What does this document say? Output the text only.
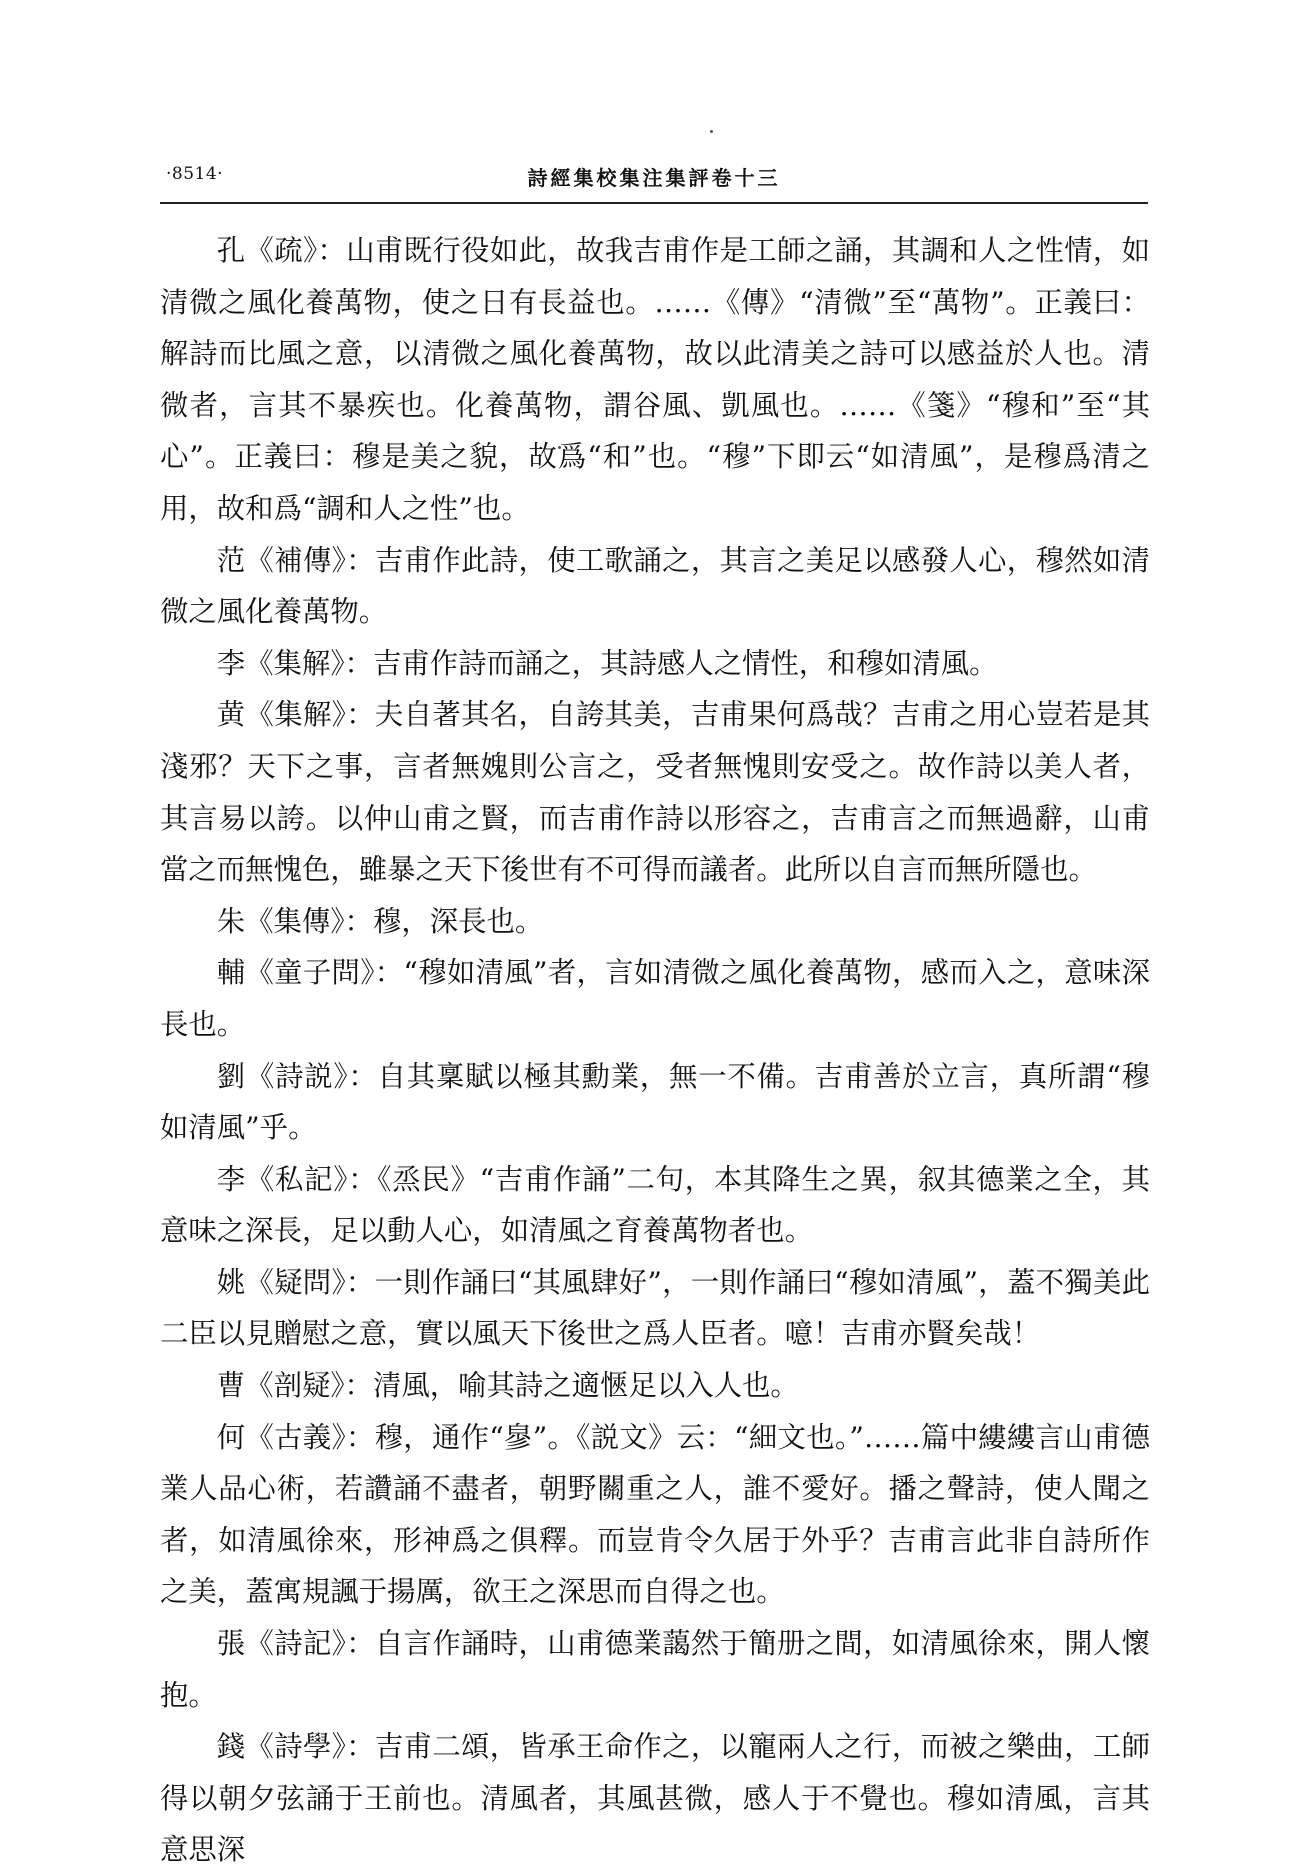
·8514·	詩經集校集注集評卷十三

孔《疏》：山甫既行役如此，故我吉甫作是工師之誦，其調和人之性情，如清微之風化養萬物，使之日有長益也。……《傳》“清微”至“萬物”。正義曰：解詩而比風之意，以清微之風化養萬物，故以此清美之詩可以感益於人也。清微者，言其不暴疾也。化養萬物，謂谷風、凱風也。……《箋》“穆和”至“其心”。正義曰：穆是美之貌，故爲“和”也。“穆”下即云“如清風”，是穆爲清之用，故和爲“調和人之性”也。

范《補傳》：吉甫作此詩，使工歌誦之，其言之美足以感發人心，穆然如清微之風化養萬物。

李《集解》：吉甫作詩而誦之，其詩感人之情性，和穆如清風。

黄《集解》：夫自著其名，自誇其美，吉甫果何爲哉？吉甫之用心豈若是其淺邪？天下之事，言者無媿則公言之，受者無愧則安受之。故作詩以美人者，其言易以誇。以仲山甫之賢，而吉甫作詩以形容之，吉甫言之而無過辭，山甫當之而無愧色，雖暴之天下後世有不可得而議者。此所以自言而無所隱也。

朱《集傳》：穆，深長也。

輔《童子問》：“穆如清風”者，言如清微之風化養萬物，感而入之，意味深長也。

劉《詩説》：自其稟賦以極其勳業，無一不備。吉甫善於立言，真所謂“穆如清風”乎。

李《私記》：《烝民》“吉甫作誦”二句，本其降生之異，叙其德業之全，其意味之深長，足以動人心，如清風之育養萬物者也。

姚《疑問》：一則作誦曰“其風肆好”，一則作誦曰“穆如清風”，蓋不獨美此二臣以見贈慰之意，實以風天下後世之爲人臣者。噫！吉甫亦賢矣哉！

曹《剖疑》：清風，喻其詩之適愜足以入人也。

何《古義》：穆，通作“㣎”。《説文》云：“細文也。”……篇中縷縷言山甫德業人品心術，若讚誦不盡者，朝野關重之人，誰不愛好。播之聲詩，使人聞之者，如清風徐來，形神爲之俱釋。而豈肯令久居于外乎？吉甫言此非自詩所作之美，蓋寓規諷于揚厲，欲王之深思而自得之也。

張《詩記》：自言作誦時，山甫德業藹然于簡册之間，如清風徐來，開人懷抱。

錢《詩學》：吉甫二頌，皆承王命作之，以寵兩人之行，而被之樂曲，工師得以朝夕弦誦于王前也。清風者，其風甚微，感人于不覺也。穆如清風，言其意思深
